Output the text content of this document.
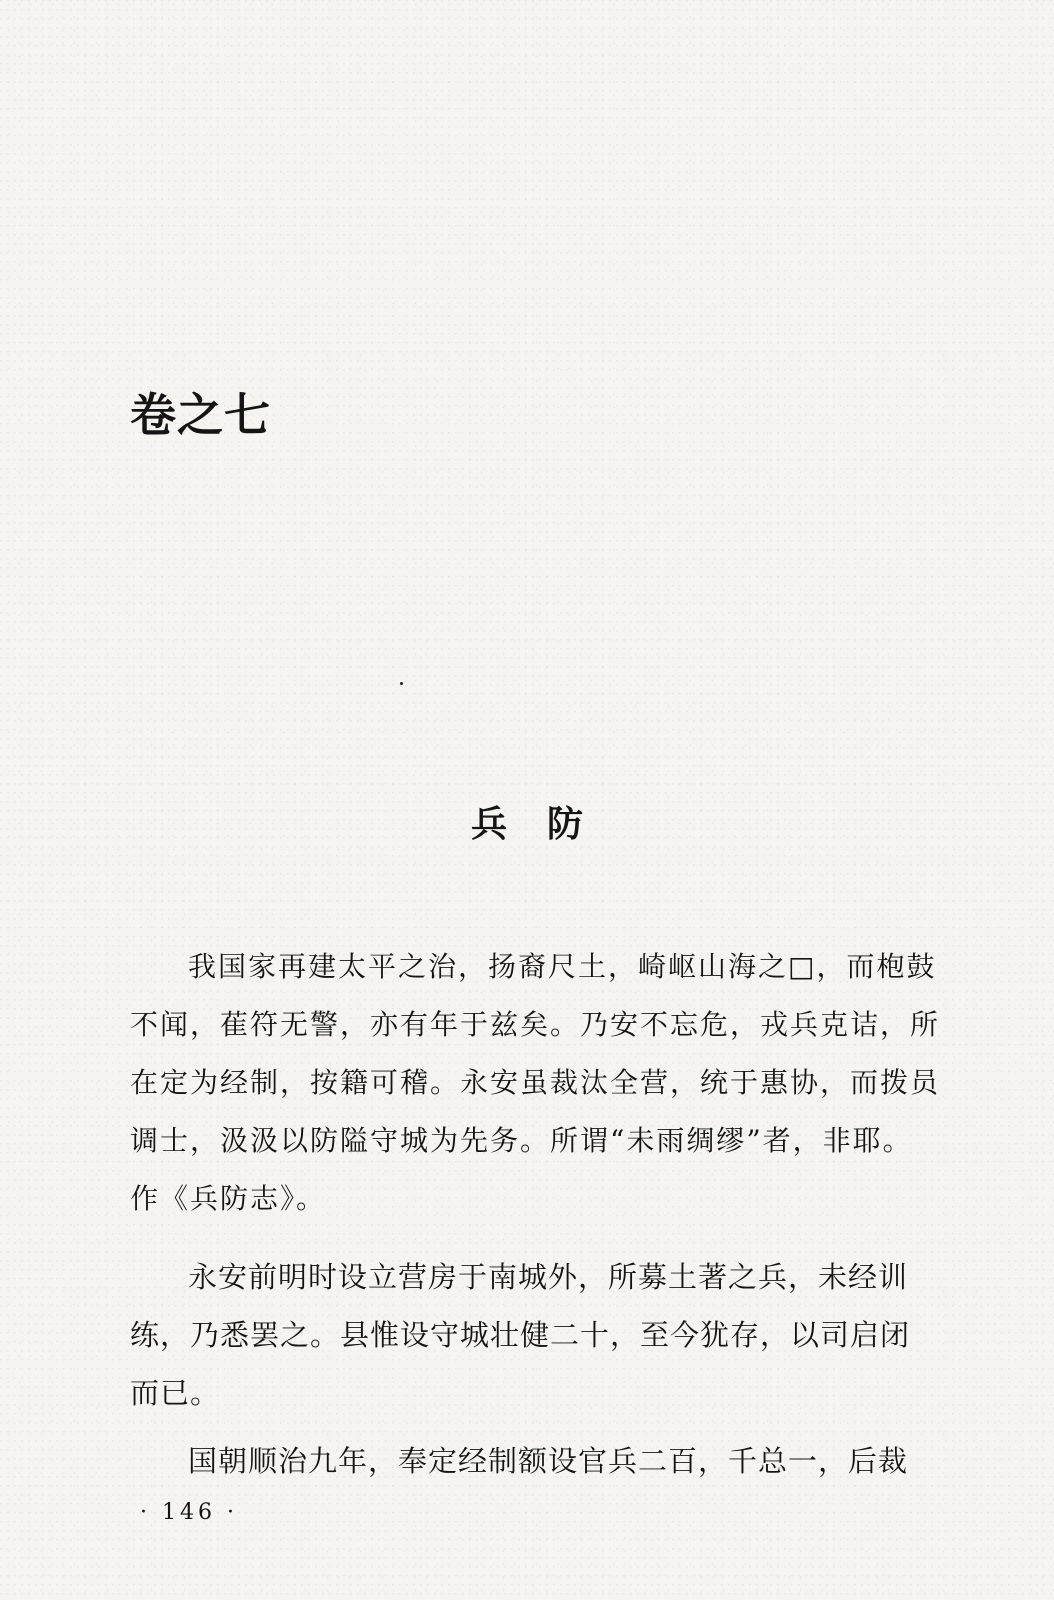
卷之七
兵 防
我国家再建太平之治，扬裔尺土，崎岖山海之□，而枹鼓
不闻，萑符无警，亦有年于兹矣。乃安不忘危，戎兵克诘，所
在定为经制，按籍可稽。永安虽裁汰全营，统于惠协，而拨员
调士，汲汲以防隘守城为先务。所谓“未雨绸缪”者，非耶。
作《兵防志》。

永安前明时设立营房于南城外，所募土著之兵，未经训
练，乃悉罢之。县惟设守城壮健二十，至今犹存，以司启闭
而已。

国朝顺治九年，奉定经制额设官兵二百，千总一，后裁

· 146 ·
